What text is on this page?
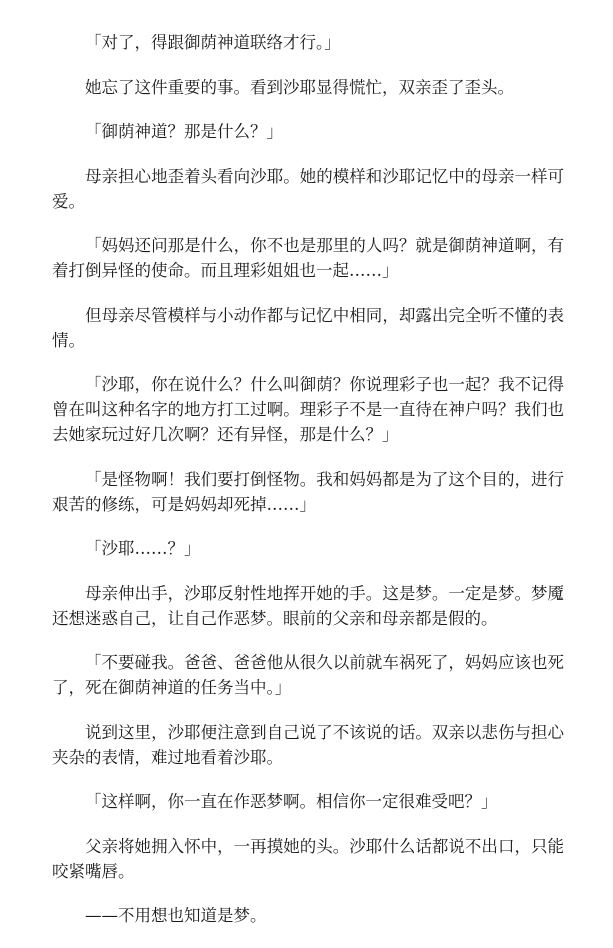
「对了，得跟御荫神道联络才行。」

她忘了这件重要的事。看到沙耶显得慌忙，双亲歪了歪头。

「御荫神道？那是什么？」

母亲担心地歪着头看向沙耶。她的模样和沙耶记忆中的母亲一样可爱。

「妈妈还问那是什么，你不也是那里的人吗？就是御荫神道啊，有着打倒异怪的使命。而且理彩姐姐也一起……」

但母亲尽管模样与小动作都与记忆中相同，却露出完全听不懂的表情。

「沙耶，你在说什么？什么叫御荫？你说理彩子也一起？我不记得曾在叫这种名字的地方打工过啊。理彩子不是一直待在神户吗？我们也去她家玩过好几次啊？还有异怪，那是什么？」

「是怪物啊！我们要打倒怪物。我和妈妈都是为了这个目的，进行艰苦的修练，可是妈妈却死掉……」

「沙耶……？」

母亲伸出手，沙耶反射性地挥开她的手。这是梦。一定是梦。梦魇还想迷惑自己，让自己作恶梦。眼前的父亲和母亲都是假的。

「不要碰我。爸爸、爸爸他从很久以前就车祸死了，妈妈应该也死了，死在御荫神道的任务当中。」

说到这里，沙耶便注意到自己说了不该说的话。双亲以悲伤与担心夹杂的表情，难过地看着沙耶。

「这样啊，你一直在作恶梦啊。相信你一定很难受吧？」

父亲将她拥入怀中，一再摸她的头。沙耶什么话都说不出口，只能咬紧嘴唇。

——不用想也知道是梦。
